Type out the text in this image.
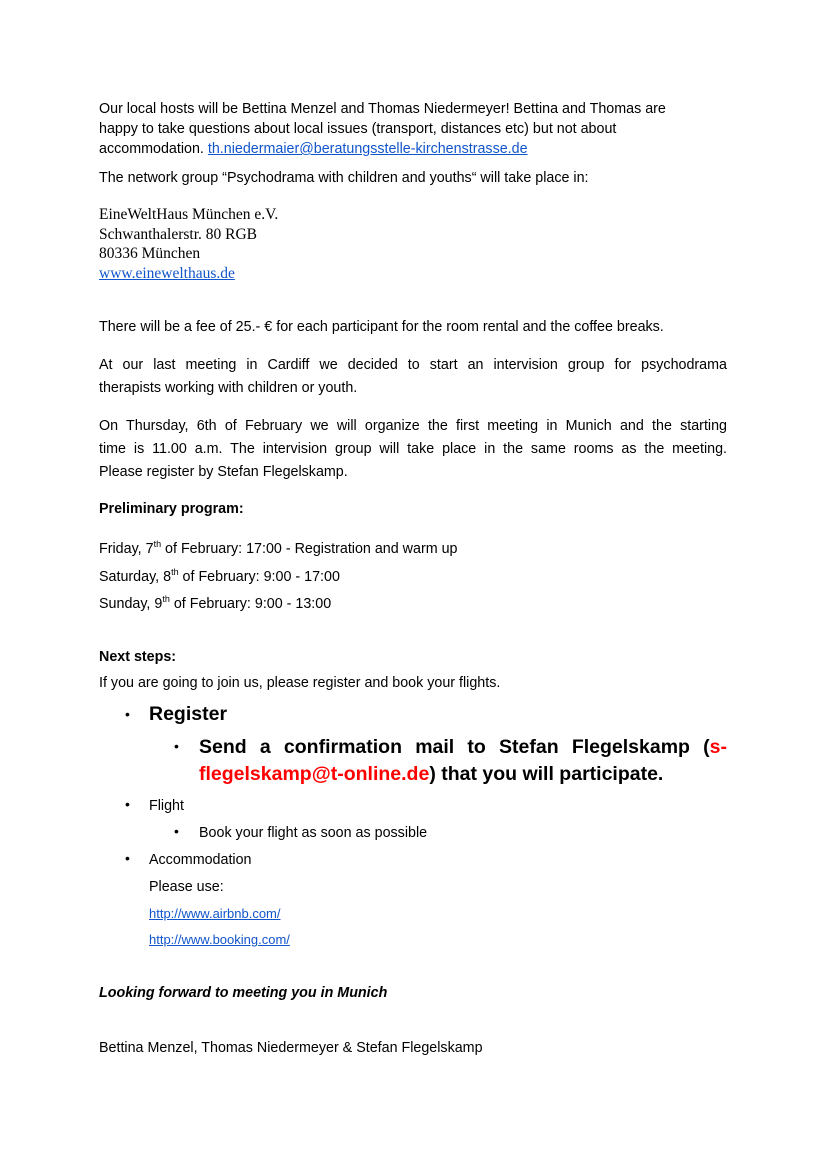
Our local hosts will be Bettina Menzel and Thomas Niedermeyer! Bettina and Thomas are
happy to take questions about local issues (transport, distances etc) but not about
accommodation. th.niedermaier@beratungsstelle-kirchenstrasse.de
The network group “Psychodrama with children and youths“ will take place in:
EineWeltHaus München e.V.
Schwanthalerstr. 80 RGB
80336 München
www.einewelthaus.de
There will be a fee of 25.- € for each participant for the room rental and the coffee breaks.
At our last meeting in Cardiff we decided to start an intervision group for psychodrama
therapists working with children or youth.
On Thursday, 6th of February we will organize the first meeting in Munich and the starting
time is 11.00 a.m. The intervision group will take place in the same rooms as the meeting.
Please register by Stefan Flegelskamp.
Preliminary program:
Friday, 7th of February: 17:00 - Registration and warm up
Saturday, 8th of February: 9:00 - 17:00
Sunday, 9th of February: 9:00 - 13:00
Next steps:
If you are going to join us, please register and book your flights.
• Register
• Send a confirmation mail to Stefan Flegelskamp (s-
flegelskamp@t-online.de) that you will participate.
• Flight
• Book your flight as soon as possible
• Accommodation
Please use:
http://www.airbnb.com/
http://www.booking.com/
Looking forward to meeting you in Munich
Bettina Menzel, Thomas Niedermeyer & Stefan Flegelskamp
